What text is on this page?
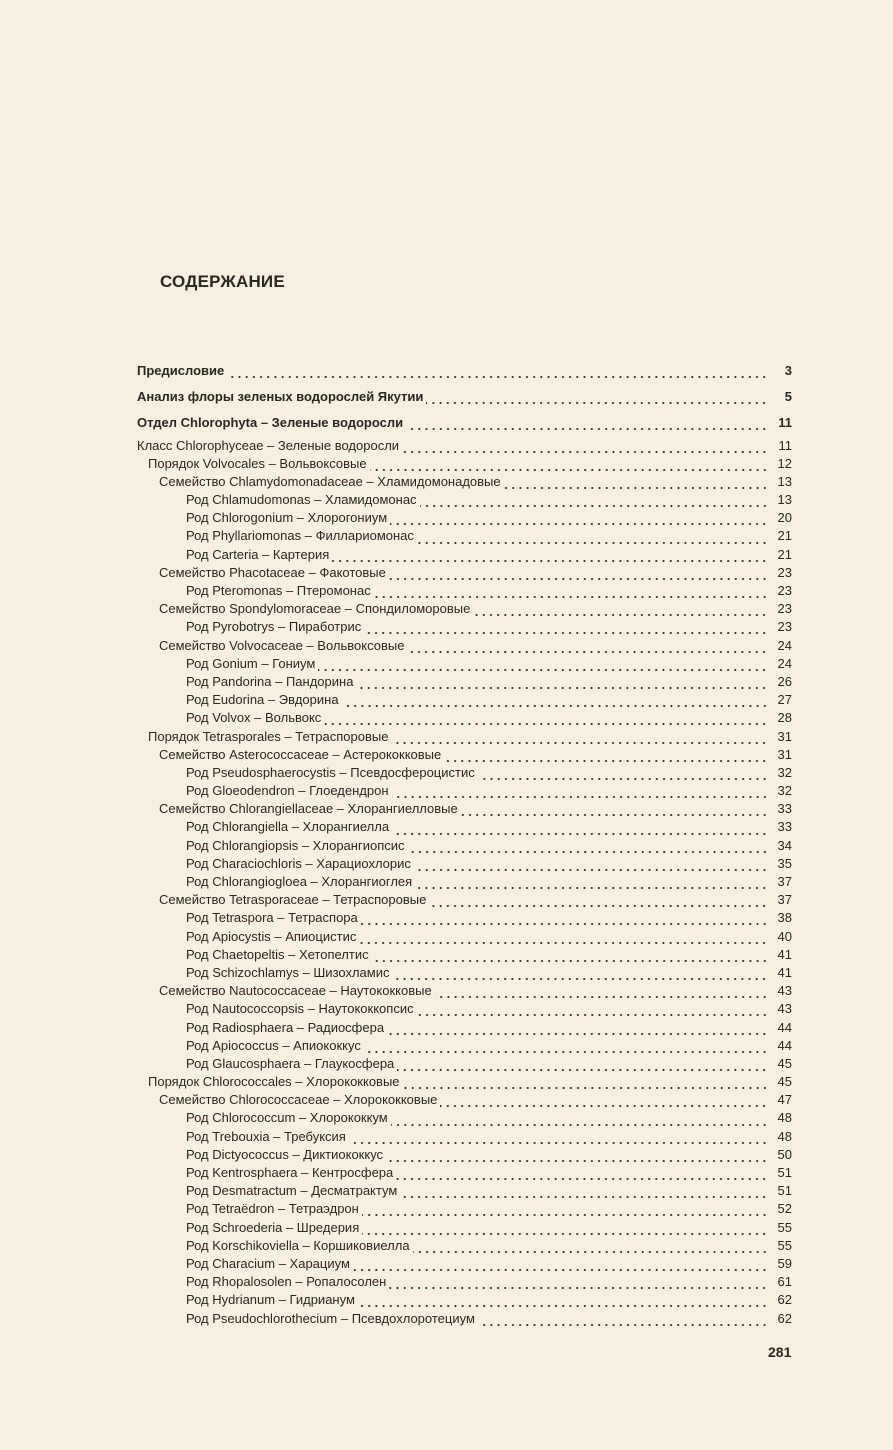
СОДЕРЖАНИЕ
Предисловие	3
Анализ флоры зеленых водорослей Якутии	5
Отдел Chlorophyta – Зеленые водоросли	11
Класс Chlorophyceae – Зеленые водоросли	11
Порядок Volvocales – Вольвоксовые	12
Семейство Chlamydomonadaceae – Хламидомонадовые	13
Род Chlamudomonas – Хламидомонас	13
Род Chlorogonium – Хлорогониум	20
Род Phyllariomonas – Филлариомонас	21
Род Carteria – Картерия	21
Семейство Phacotaceae – Факотовые	23
Род Pteromonas – Птеромонас	23
Семейство Spondylomoraceae – Спондиломоровые	23
Род Pyrobotrys – Пиработрис	23
Семейство Volvocaceae – Вольвоксовые	24
Род Gonium – Гониум	24
Род Pandorina – Пандорина	26
Род Eudorina – Эвдорина	27
Род Volvox – Вольвокс	28
Порядок Tetrasporales – Тетраспоровые	31
Семейство Asterococcaceae – Астерококковые	31
Род Pseudosphaerocystis – Псевдосфероцистис	32
Род Gloeodendron – Глоедендрон	32
Семейство Chlorangiellaceae – Хлорангиелловые	33
Род Chlorangiella – Хлорангиелла	33
Род Chlorangiopsis – Хлорангиопсис	34
Род Characiochloris – Харациохлорис	35
Род Chlorangiogloea – Хлорангиоглея	37
Семейство Tetrasporaceae – Тетраспоровые	37
Род Tetraspora – Тетраспора	38
Род Apiocystis – Апиоцистис	40
Род Chaetopeltis – Хетопелтис	41
Род Schizochlamys – Шизохламис	41
Семейство Nautococcaceae – Наутококковые	43
Род Nautococcopsis – Наутококкопсис	43
Род Radiosphaera – Радиосфера	44
Род Apiococcus – Апиококкус	44
Род Glaucosphaera – Глаукосфера	45
Порядок Chlorococcales – Хлорококковые	45
Семейство Chlorococcaceae – Хлорококковые	47
Род Chlorococcum – Хлорококкум	48
Род Trebouxia – Требуксия	48
Род Dictyococcus – Диктиококкус	50
Род Kentrosphaera – Кентросфера	51
Род Desmatractum – Десматрактум	51
Род Tetraëdron – Тетраэдрон	52
Род Schroederia – Шредерия	55
Род Korschikoviella – Коршиковиелла	55
Род Characium – Харациум	59
Род Rhopalosolen – Ропалосолен	61
Род Hydrianum – Гидрианум	62
Род Pseudochlorothecium – Псевдохлоротециум	62
281
